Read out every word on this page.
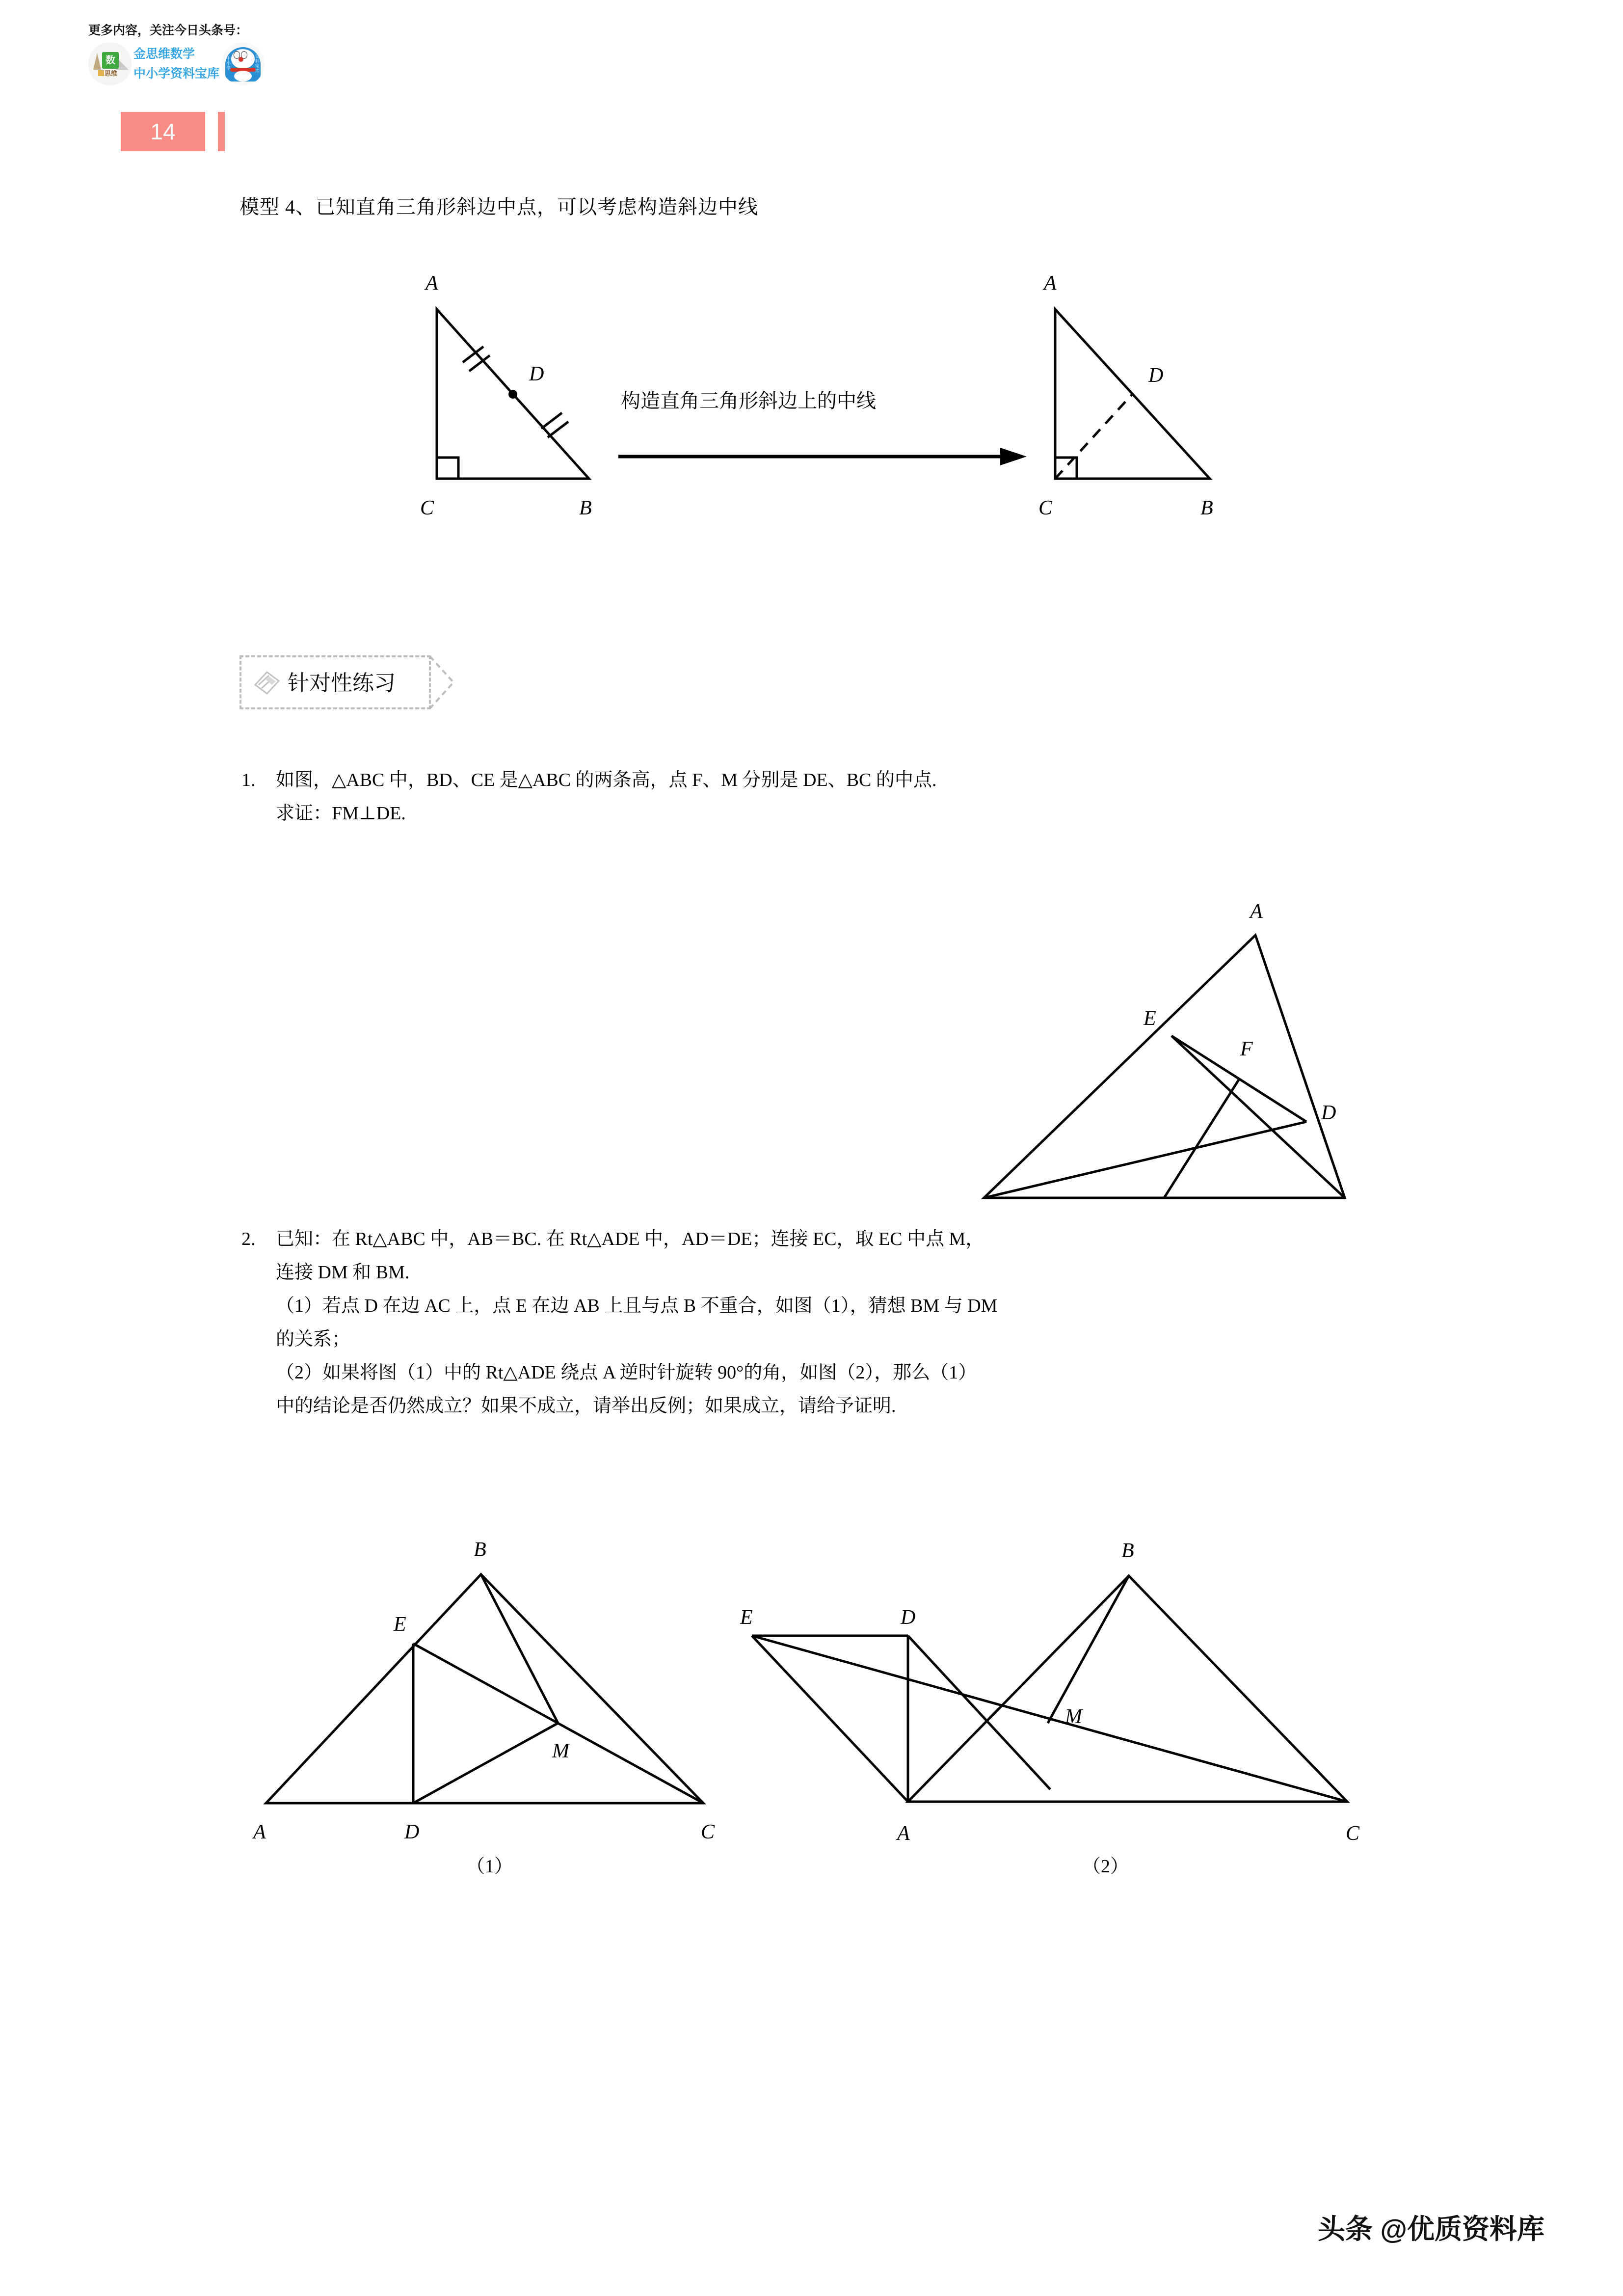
更多内容，关注今日头条号：
数
思维
金思维数学
中小学资料宝库
中小学
资料宝库
14
模型 4、已知直角三角形斜边中点，可以考虑构造斜边中线
A
C	B
D
构造直角三角形斜边上的中线
A
C	B
D
针对性练习
1.	如图，△ABC 中，BD、CE 是△ABC 的两条高，点 F、M 分别是 DE、BC 的中点.
求证：FM⊥DE.
A
E
F
D
2.	已知：在 Rt△ABC 中，AB＝BC. 在 Rt△ADE 中，AD＝DE；连接 EC，取 EC 中点 M，
连接 DM 和 BM.
（1）若点 D 在边 AC 上，点 E 在边 AB 上且与点 B 不重合，如图（1），猜想 BM 与 DM
的关系；
（2）如果将图（1）中的 Rt△ADE 绕点 A 逆时针旋转 90°的角，如图（2），那么（1）
中的结论是否仍然成立？如果不成立，请举出反例；如果成立，请给予证明.
B
E
M
A	D	C
（1）
B
E	D
M
A	C
（2）
头条 @优质资料库
